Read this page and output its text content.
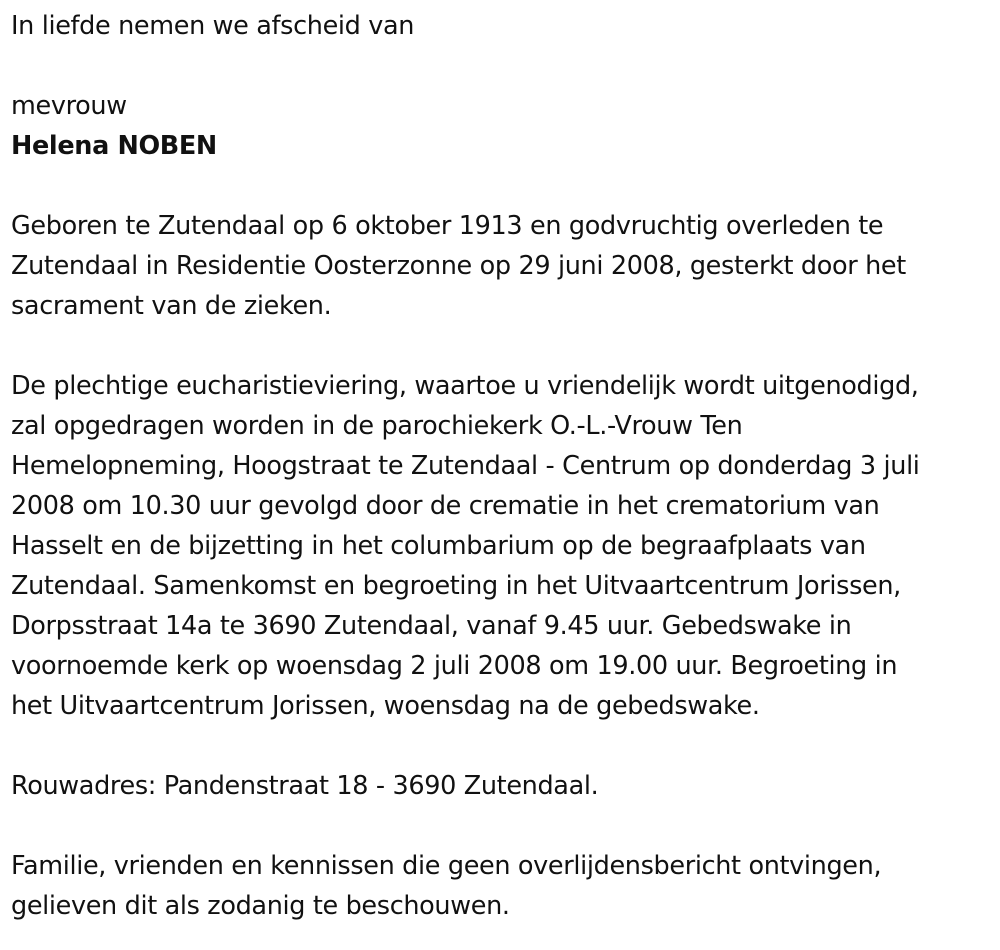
In liefde nemen we afscheid van

mevrouw

Helena NOBEN

Geboren te Zutendaal op 6 oktober 1913 en godvruchtig overleden te

Zutendaal in Residentie Oosterzonne op 29 juni 2008, gesterkt door het

sacrament van de zieken.

De plechtige eucharistieviering, waartoe u vriendelijk wordt uitgenodigd,

zal opgedragen worden in de parochiekerk O.-L.-Vrouw Ten

Hemelopneming, Hoogstraat te Zutendaal - Centrum op donderdag 3 juli

2008 om 10.30 uur gevolgd door de crematie in het crematorium van

Hasselt en de bijzetting in het columbarium op de begraafplaats van

Zutendaal. Samenkomst en begroeting in het Uitvaartcentrum Jorissen,

Dorpsstraat 14a te 3690 Zutendaal, vanaf 9.45 uur. Gebedswake in

voornoemde kerk op woensdag 2 juli 2008 om 19.00 uur. Begroeting in

het Uitvaartcentrum Jorissen, woensdag na de gebedswake.

Rouwadres: Pandenstraat 18 - 3690 Zutendaal.

Familie, vrienden en kennissen die geen overlijdensbericht ontvingen,

gelieven dit als zodanig te beschouwen.
